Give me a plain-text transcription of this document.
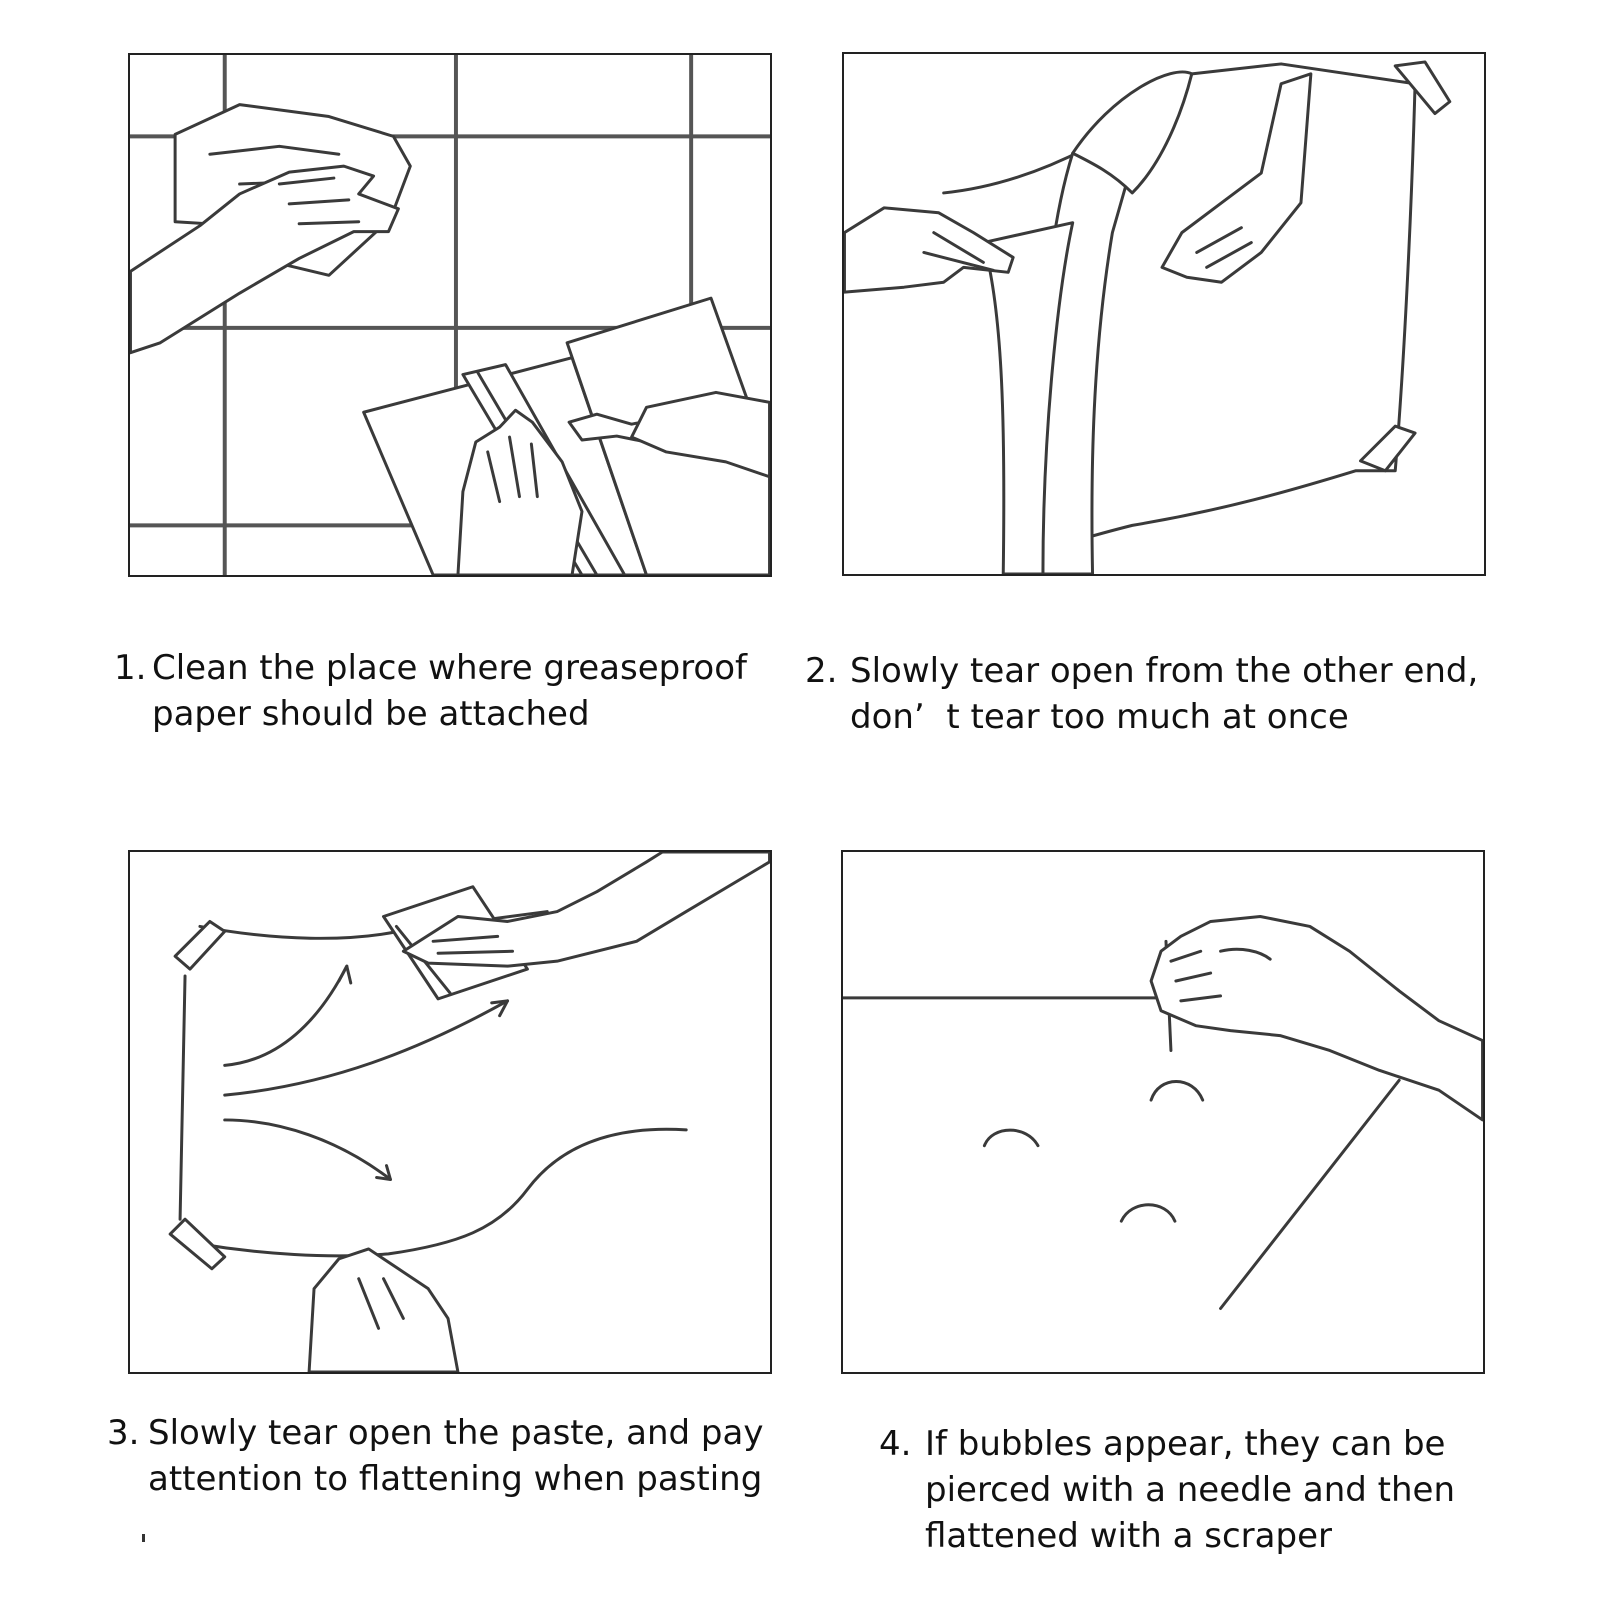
1. Clean the place where greaseproof
paper should be attached
2. Slowly tear open from the other end,
don’  t tear too much at once
3. Slowly tear open the paste, and pay
attention to flattening when pasting
4. If bubbles appear, they can be
pierced with a needle and then
flattened with a scraper
